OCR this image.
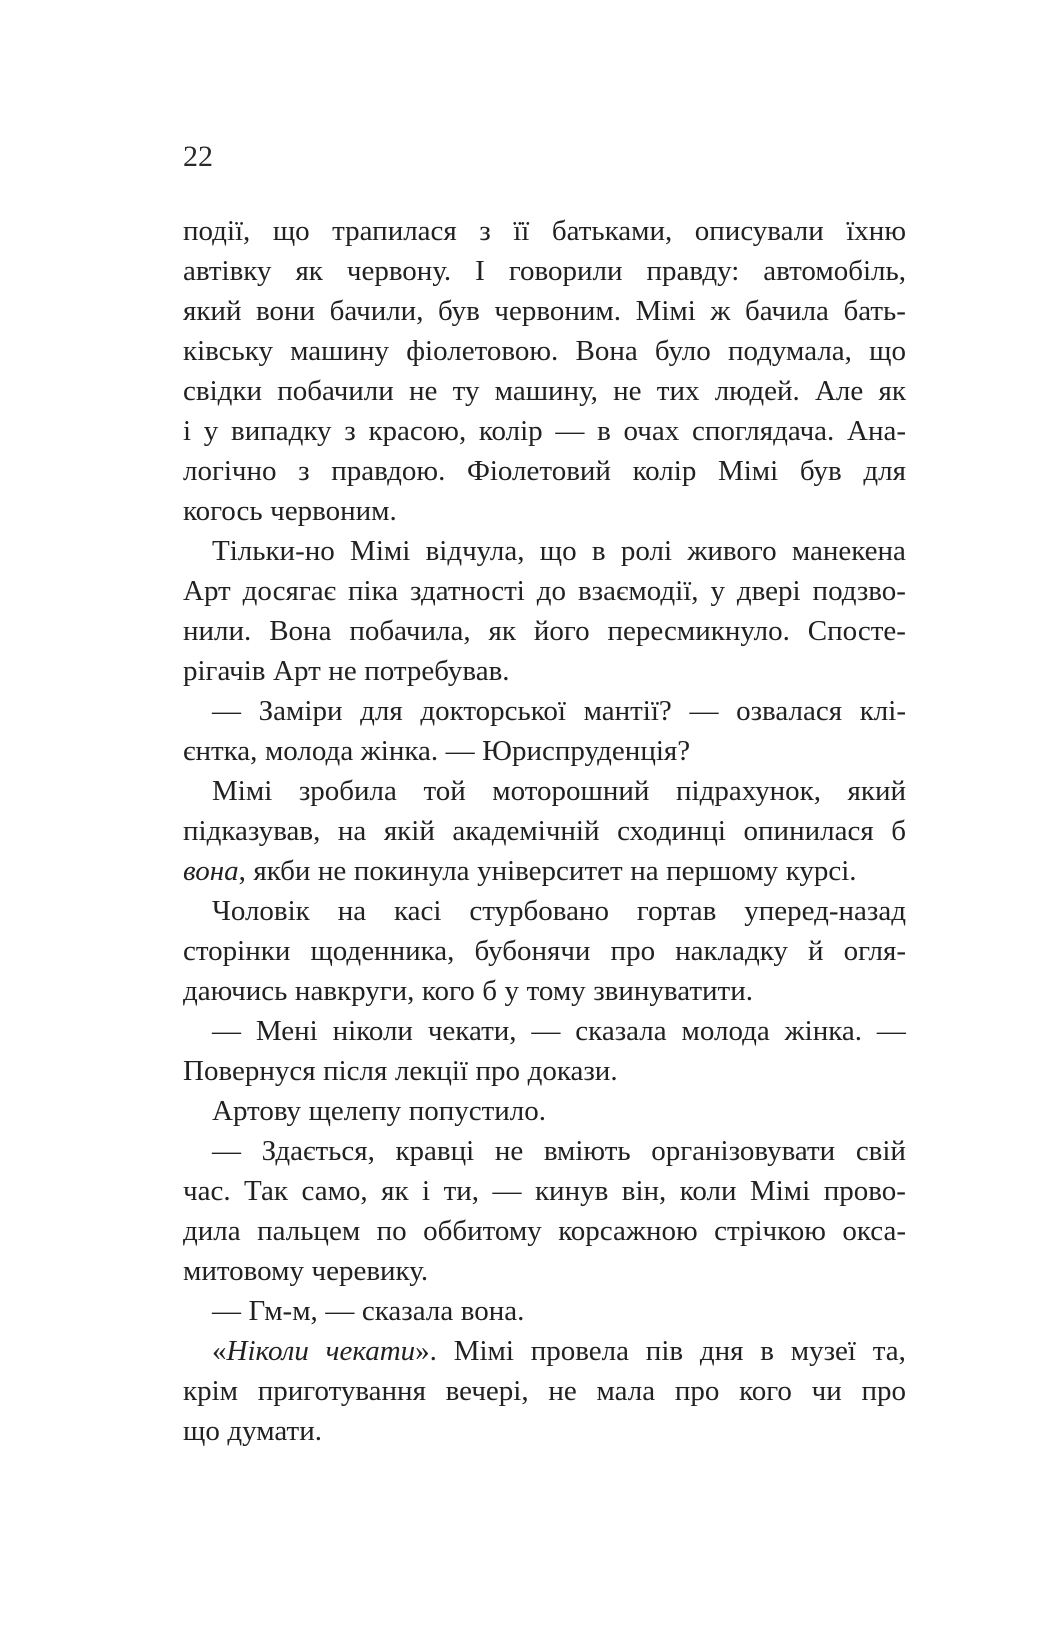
22
події, що трапилася з її батьками, описували їхню
автівку як червону. І говорили правду: автомобіль,
який вони бачили, був червоним. Мімі ж бачила бать-
ківську машину фіолетовою. Вона було подумала, що
свідки побачили не ту машину, не тих людей. Але як
і у випадку з красою, колір — в очах споглядача. Ана-
логічно з правдою. Фіолетовий колір Мімі був для
когось червоним.
Тільки-но Мімі відчула, що в ролі живого манекена
Арт досягає піка здатності до взаємодії, у двері подзво-
нили. Вона побачила, як його пересмикнуло. Спосте-
рігачів Арт не потребував.
— Заміри для докторської мантії? — озвалася клі-
єнтка, молода жінка. — Юриспруденція?
Мімі зробила той моторошний підрахунок, який
підказував, на якій академічній сходинці опинилася б
вона, якби не покинула університет на першому курсі.
Чоловік на касі стурбовано гортав уперед-назад
сторінки щоденника, бубонячи про накладку й огля-
даючись навкруги, кого б у тому звинуватити.
— Мені ніколи чекати, — сказала молода жінка. —
Повернуся після лекції про докази.
Артову щелепу попустило.
— Здається, кравці не вміють організовувати свій
час. Так само, як і ти, — кинув він, коли Мімі прово-
дила пальцем по оббитому корсажною стрічкою окса-
митовому черевику.
— Гм-м, — сказала вона.
«Ніколи чекати». Мімі провела пів дня в музеї та,
крім приготування вечері, не мала про кого чи про
що думати.
